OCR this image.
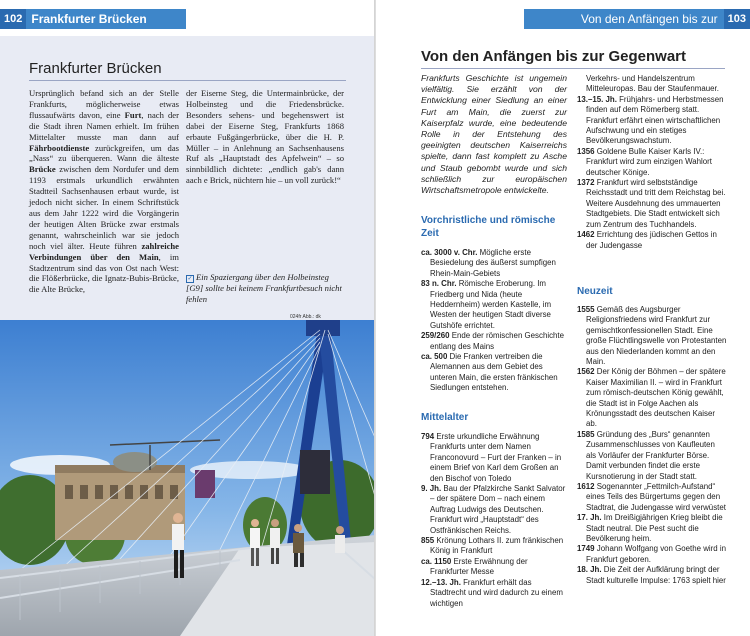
102 Frankfurter Brücken
Frankfurter Brücken
Ursprünglich befand sich an der Stelle Frankfurts, möglicherweise etwas flussaufwärts davon, eine Furt, nach der die Stadt ihren Namen erhielt. Im frühen Mittelalter musste man dann auf Fährbootdienste zurückgreifen, um das „Nass“ zu überqueren. Wann die älteste Brücke zwischen dem Nordufer und dem 1193 erstmals urkundlich erwähnten Stadtteil Sachsenhausen erbaut wurde, ist jedoch nicht sicher. In einem Schriftstück aus dem Jahr 1222 wird die Vorgängerin der heutigen Alten Brücke zwar erstmals genannt, wahrscheinlich war sie jedoch noch viel älter. Heute führen zahlreiche Verbindungen über den Main, im Stadtzentrum sind das von Ost nach West: die Flößerbrücke, die Ignatz-Bubis-Brücke, die Alte Brücke,
der Eiserne Steg, die Untermainbrücke, der Holbeinsteg und die Friedensbrücke. Besonders sehens- und begehenswert ist dabei der Eiserne Steg, Frankfurts 1868 erbaute Fußgängerbrücke, über die H. P. Müller – in Anlehnung an Sachsenhausens Ruf als „Hauptstadt des Apfelwein“ – so sinnbildlich dichtete: „endlich gab's dann aach e Brick, nüchtern hie – un voll zurück!“
✓ Ein Spaziergang über den Holbeinsteg [G9] sollte bei keinem Frankfurtbesuch nicht fehlen
024fr Abb.: dk
Von den Anfängen bis zur Gegenwart
103
Von den Anfängen bis zur Gegenwart
Frankfurts Geschichte ist ungemein vielfältig. Sie erzählt von der Entwicklung einer Siedlung an einer Furt am Main, die zuerst zur Kaiserpfalz wurde, eine bedeutende Rolle in der Entstehung des geeinigten deutschen Kaiserreichs spielte, dann fast komplett zu Asche und Staub gebombt wurde und sich schließlich zur europäischen Wirtschaftsmetropole entwickelte.
Vorchristliche und römische Zeit
ca. 3000 v. Chr. Mögliche erste Besiedelung des äußerst sumpfigen Rhein-Main-Gebiets
83 n. Chr. Römische Eroberung. Im Friedberg und Nida (heute Heddernheim) werden Kastelle, im Westen der heutigen Stadt diverse Gutshöfe errichtet.
259/260 Ende der römischen Geschichte entlang des Mains
ca. 500 Die Franken vertreiben die Alemannen aus dem Gebiet des unteren Main, die ersten fränkischen Siedlungen entstehen.
Mittelalter
794 Erste urkundliche Erwähnung Frankfurts unter dem Namen Franconovurd – Furt der Franken – in einem Brief von Karl dem Großen an den Bischof von Toledo
9. Jh. Bau der Pfalzkirche Sankt Salvator – der spätere Dom – nach einem Auftrag Ludwigs des Deutschen. Frankfurt wird „Hauptstadt“ des Ostfränkischen Reichs.
855 Krönung Lothars II. zum fränkischen König in Frankfurt
ca. 1150 Erste Erwähnung der Frankfurter Messe
12.–13. Jh. Frankfurt erhält das Stadtrecht und wird dadurch zu einem wichtigen
Verkehrs- und Handelszentrum Mitteleuropas. Bau der Staufenmauer.
13.–15. Jh. Frühjahrs- und Herbstmessen finden auf dem Römerberg statt. Frankfurt erfährt einen wirtschaftlichen Aufschwung und ein stetiges Bevölkerungswachstum.
1356 Goldene Bulle Kaiser Karls IV.: Frankfurt wird zum einzigen Wahlort deutscher Könige.
1372 Frankfurt wird selbstständige Reichsstadt und tritt dem Reichstag bei. Weitere Ausdehnung des ummauerten Stadtgebiets. Die Stadt entwickelt sich zum Zentrum des Tuchhandels.
1462 Errichtung des jüdischen Gettos in der Judengasse
Neuzeit
1555 Gemäß des Augsburger Religionsfriedens wird Frankfurt zur gemischtkonfessionellen Stadt. Eine große Flüchtlingswelle von Protestanten aus den Niederlanden kommt an den Main.
1562 Der König der Böhmen – der spätere Kaiser Maximilian II. – wird in Frankfurt zum römisch-deutschen König gewählt, die Stadt ist in Folge Aachen als Krönungsstadt des deutschen Kaiser ab.
1585 Gründung des „Burs“ genannten Zusammenschlusses von Kaufleuten als Vorläufer der Frankfurter Börse. Damit verbunden findet die erste Kursnotierung in der Stadt statt.
1612 Sogenannter „Fettmilch-Aufstand“ eines Teils des Bürgertums gegen den Stadtrat, die Judengasse wird verwüstet
17. Jh. Im Dreißigjährigen Krieg bleibt die Stadt neutral. Die Pest sucht die Bevölkerung heim.
1749 Johann Wolfgang von Goethe wird in Frankfurt geboren.
18. Jh. Die Zeit der Aufklärung bringt der Stadt kulturelle Impulse: 1763 spielt hier
